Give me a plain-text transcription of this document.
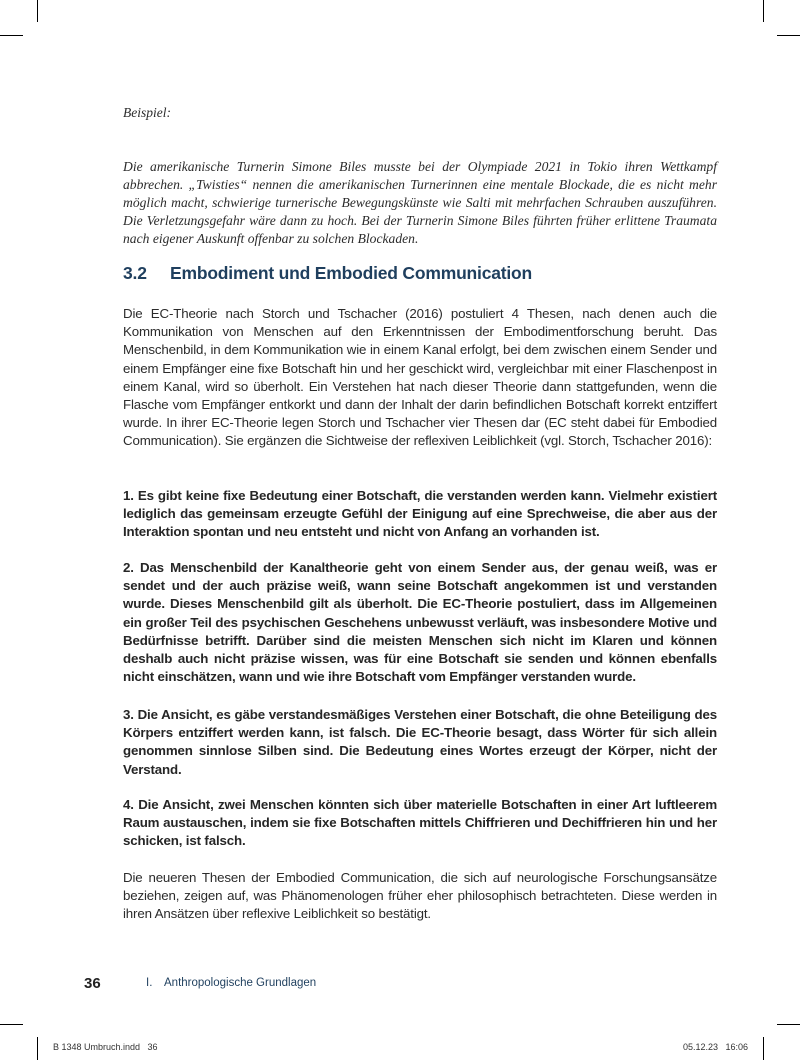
Beispiel:
Die amerikanische Turnerin Simone Biles musste bei der Olympiade 2021 in Tokio ihren Wettkampf abbrechen. „Twisties“ nennen die amerikanischen Turnerinnen eine mentale Blockade, die es nicht mehr möglich macht, schwierige turnerische Bewegungskünste wie Salti mit mehrfachen Schrauben auszuführen. Die Verletzungsgefahr wäre dann zu hoch. Bei der Turnerin Simone Biles führten früher erlittene Traumata nach eigener Auskunft offenbar zu solchen Blockaden.
3.2 Embodiment und Embodied Communication
Die EC-Theorie nach Storch und Tschacher (2016) postuliert 4 Thesen, nach denen auch die Kommunikation von Menschen auf den Erkenntnissen der Embodimentforschung beruht. Das Menschenbild, in dem Kommunikation wie in einem Kanal erfolgt, bei dem zwischen einem Sender und einem Empfänger eine fixe Botschaft hin und her geschickt wird, vergleichbar mit einer Flaschenpost in einem Kanal, wird so überholt. Ein Verstehen hat nach dieser Theorie dann stattgefunden, wenn die Flasche vom Empfänger entkorkt und dann der Inhalt der darin befindlichen Botschaft korrekt entziffert wurde. In ihrer EC-Theorie legen Storch und Tschacher vier Thesen dar (EC steht dabei für Embodied Communication). Sie ergänzen die Sichtweise der reflexiven Leiblichkeit (vgl. Storch, Tschacher 2016):
1. Es gibt keine fixe Bedeutung einer Botschaft, die verstanden werden kann. Vielmehr existiert lediglich das gemeinsam erzeugte Gefühl der Einigung auf eine Sprechweise, die aber aus der Interaktion spontan und neu entsteht und nicht von Anfang an vorhanden ist.
2. Das Menschenbild der Kanaltheorie geht von einem Sender aus, der genau weiß, was er sendet und der auch präzise weiß, wann seine Botschaft angekommen ist und verstanden wurde. Dieses Menschenbild gilt als überholt. Die EC-Theorie postuliert, dass im Allgemeinen ein großer Teil des psychischen Geschehens unbewusst verläuft, was insbesondere Motive und Bedürfnisse betrifft. Darüber sind die meisten Menschen sich nicht im Klaren und können deshalb auch nicht präzise wissen, was für eine Botschaft sie senden und können ebenfalls nicht einschätzen, wann und wie ihre Botschaft vom Empfänger verstanden wurde.
3. Die Ansicht, es gäbe verstandesmäßiges Verstehen einer Botschaft, die ohne Beteiligung des Körpers entziffert werden kann, ist falsch. Die EC-Theorie besagt, dass Wörter für sich allein genommen sinnlose Silben sind. Die Bedeutung eines Wortes erzeugt der Körper, nicht der Verstand.
4. Die Ansicht, zwei Menschen könnten sich über materielle Botschaften in einer Art luftleerem Raum austauschen, indem sie fixe Botschaften mittels Chiffrieren und Dechiffrieren hin und her schicken, ist falsch.
Die neueren Thesen der Embodied Communication, die sich auf neurologische Forschungsansätze beziehen, zeigen auf, was Phänomenologen früher eher philosophisch betrachteten. Diese werden in ihren Ansätzen über reflexive Leiblichkeit so bestätigt.
36	I. Anthropologische Grundlagen
B 1348 Umbruch.indd   36	05.12.23   16:06
